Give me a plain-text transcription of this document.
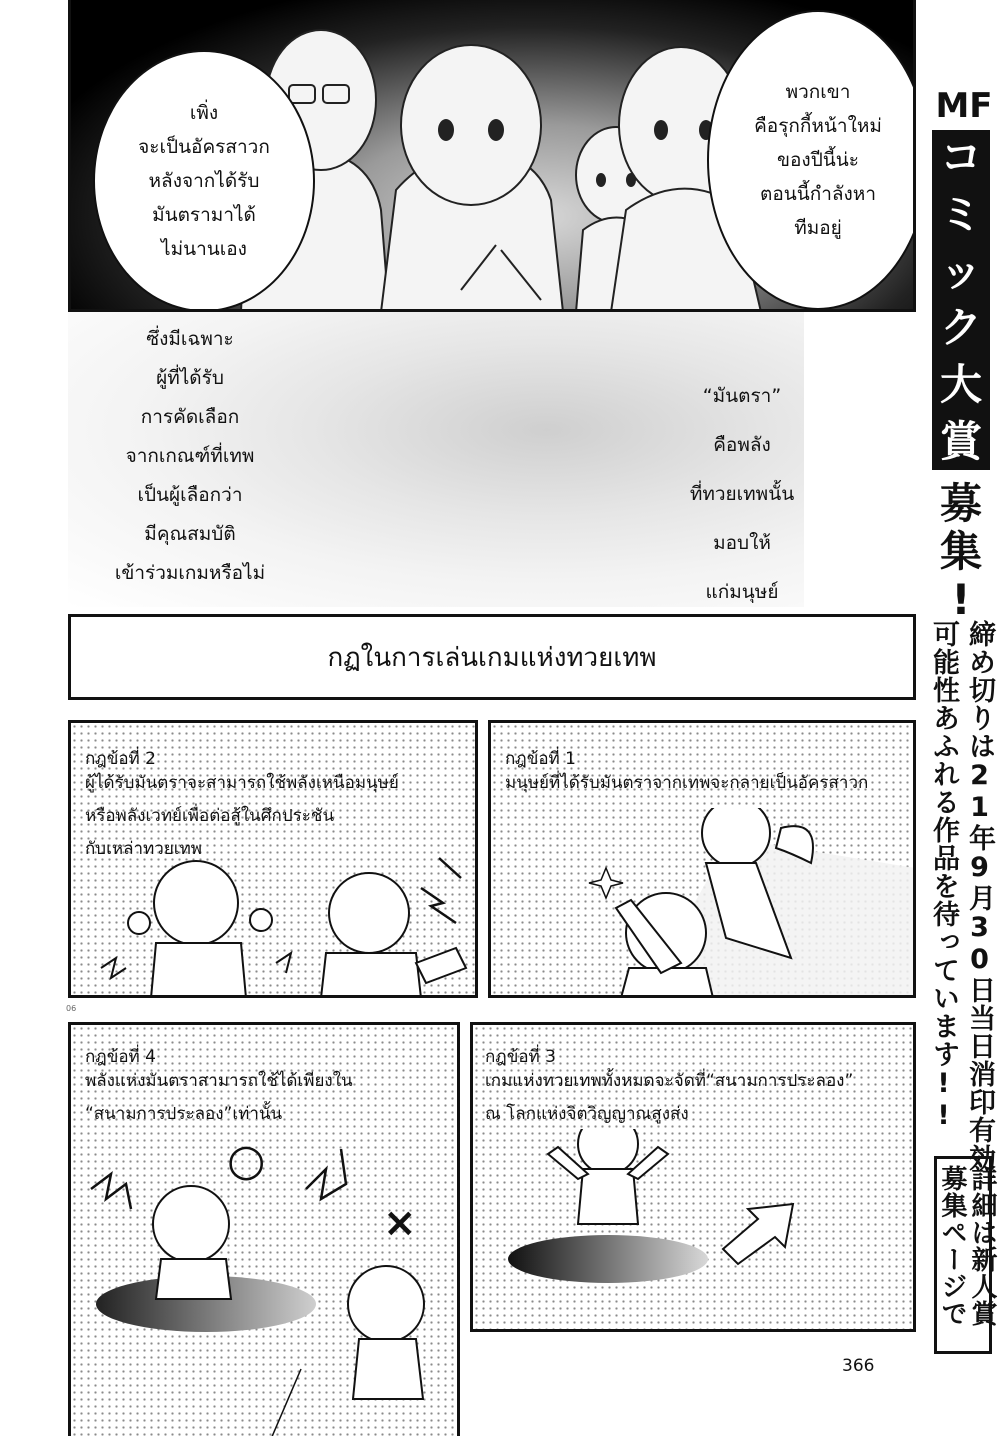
เพิ่ง
จะเป็นอัครสาวก
หลังจากได้รับ
มันตรามาได้
ไม่นานเอง
พวกเขา
คือรุกกี้หน้าใหม่
ของปีนี้น่ะ
ตอนนี้กำลังหา
ทีมอยู่
ซึ่งมีเฉพาะ
ผู้ที่ได้รับ
การคัดเลือก
จากเกณฑ์ที่เทพ
เป็นผู้เลือกว่า
มีคุณสมบัติ
เข้าร่วมเกมหรือไม่
“มันตรา”
คือพลัง
ที่ทวยเทพนั้น
มอบให้
แก่มนุษย์
กฏในการเล่นเกมแห่งทวยเทพ
กฎข้อที่ 2
ผู้ได้รับมันตราจะสามารถใช้พลังเหนือมนุษย์
หรือพลังเวทย์เพื่อต่อสู้ในศึกประชัน
กับเหล่าทวยเทพ
กฎข้อที่ 1
มนุษย์ที่ได้รับมันตราจากเทพจะกลายเป็นอัครสาวก
06
กฎข้อที่ 4
พลังแห่งมันตราสามารถใช้ได้เพียงใน
“สนามการประลอง”เท่านั้น
○
×
กฎข้อที่ 3
เกมแห่งทวยเทพทั้งหมดจะจัดที่“สนามการประลอง”
ณ โลกแห่งจิตวิญญาณสูงส่ง
MF
コ
ミ
ッ
ク
大
賞
募
集
!
締め切りは21年9月30日当日消印有効
可能性あふれる作品を待っています!!
詳細は新人賞
募集ページで
366
